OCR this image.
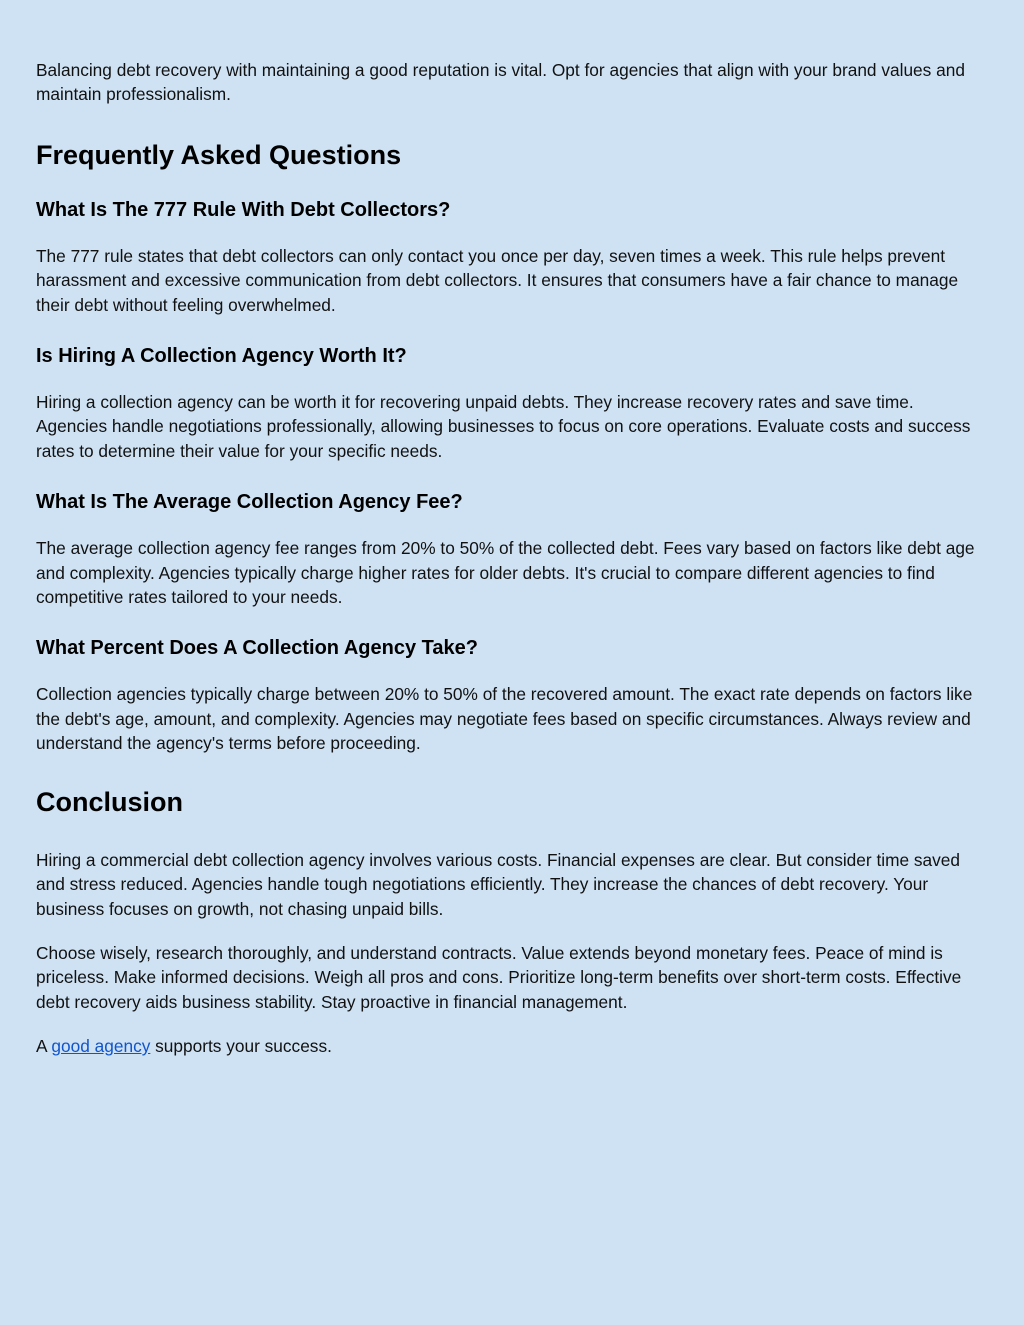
Balancing debt recovery with maintaining a good reputation is vital. Opt for agencies that align with your brand values and maintain professionalism.

Frequently Asked Questions
What Is The 777 Rule With Debt Collectors?

The 777 rule states that debt collectors can only contact you once per day, seven times a week. This rule helps prevent harassment and excessive communication from debt collectors. It ensures that consumers have a fair chance to manage their debt without feeling overwhelmed.

Is Hiring A Collection Agency Worth It?

Hiring a collection agency can be worth it for recovering unpaid debts. They increase recovery rates and save time. Agencies handle negotiations professionally, allowing businesses to focus on core operations. Evaluate costs and success rates to determine their value for your specific needs.

What Is The Average Collection Agency Fee?

The average collection agency fee ranges from 20% to 50% of the collected debt. Fees vary based on factors like debt age and complexity. Agencies typically charge higher rates for older debts. It's crucial to compare different agencies to find competitive rates tailored to your needs.

What Percent Does A Collection Agency Take?

Collection agencies typically charge between 20% to 50% of the recovered amount. The exact rate depends on factors like the debt's age, amount, and complexity. Agencies may negotiate fees based on specific circumstances. Always review and understand the agency's terms before proceeding.

Conclusion

Hiring a commercial debt collection agency involves various costs. Financial expenses are clear. But consider time saved and stress reduced. Agencies handle tough negotiations efficiently. They increase the chances of debt recovery. Your business focuses on growth, not chasing unpaid bills.

Choose wisely, research thoroughly, and understand contracts. Value extends beyond monetary fees. Peace of mind is priceless. Make informed decisions. Weigh all pros and cons. Prioritize long-term benefits over short-term costs. Effective debt recovery aids business stability. Stay proactive in financial management.

A good agency supports your success.
